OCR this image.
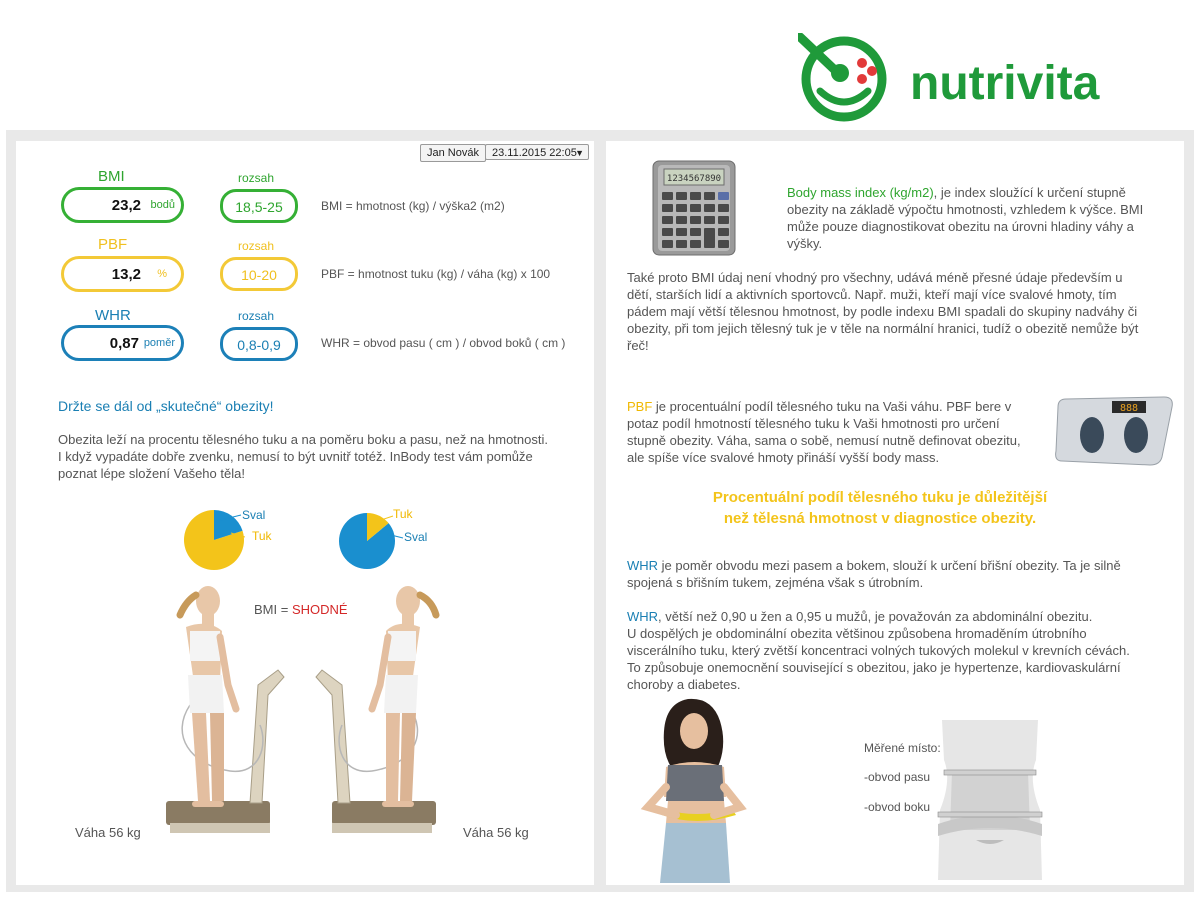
nutrivita
Jan Novák	23.11.2015 22:05
▼
BMI
23,2 bodů
rozsah
18,5-25	BMI = hmotnost (kg) / výška2 (m2)
PBF
13,2 %
rozsah
10-20	PBF = hmotnost tuku (kg) / váha (kg) x 100
WHR
0,87 poměr
rozsah
0,8-0,9	WHR = obvod pasu ( cm ) / obvod boků ( cm )
Držte se dál od „skutečné“ obezity!
Obezita leží na procentu tělesného tuku a na poměru boku a pasu, než na hmotnosti.
I když vypadáte dobře zvenku, nemusí to být uvnitř totéž. InBody test vám pomůže
poznat lépe složení Vašeho těla!
Sval
Tuk
Tuk
Sval
BMI = SHODNÉ
Váha 56 kg	Váha 56 kg
1234567890
Body mass index (kg/m2), je index sloužící k určení stupně
obezity na základě výpočtu hmotnosti, vzhledem k výšce. BMI
může pouze diagnostikovat obezitu na úrovni hladiny váhy a
výšky.
Také proto BMI údaj není vhodný pro všechny, udává méně přesné údaje především u
dětí, starších lidí a aktivních sportovců. Např. muži, kteří mají více svalové hmoty, tím
pádem mají větší tělesnou hmotnost, by podle indexu BMI spadali do skupiny nadváhy či
obezity, při tom jejich tělesný tuk je v těle na normální hranici, tudíž o obezitě nemůže být
řeč!
PBF je procentuální podíl tělesného tuku na Vaši váhu. PBF bere v
potaz podíl hmotností tělesného tuku k Vaši hmotnosti pro určení
stupně obezity. Váha, sama o sobě, nemusí nutně definovat obezitu,
ale spíše více svalové hmoty přináší vyšší body mass.
888
Procentuální podíl tělesného tuku je důležitější
než tělesná hmotnost v diagnostice obezity.
WHR je poměr obvodu mezi pasem a bokem, slouží k určení břišní obezity. Ta je silně
spojená s břišním tukem, zejména však s útrobním.
WHR, větší než 0,90 u žen a 0,95 u mužů, je považován za abdominální obezitu.
U dospělých je obdominální obezita většinou způsobena hromaděním útrobního
viscerálního tuku, který zvětší koncentraci volných tukových molekul v krevních cévách.
To způsobuje onemocnění související s obezitou, jako je hypertenze, kardiovaskulární
choroby a diabetes.
Měřené místo:
-obvod pasu
-obvod boku
